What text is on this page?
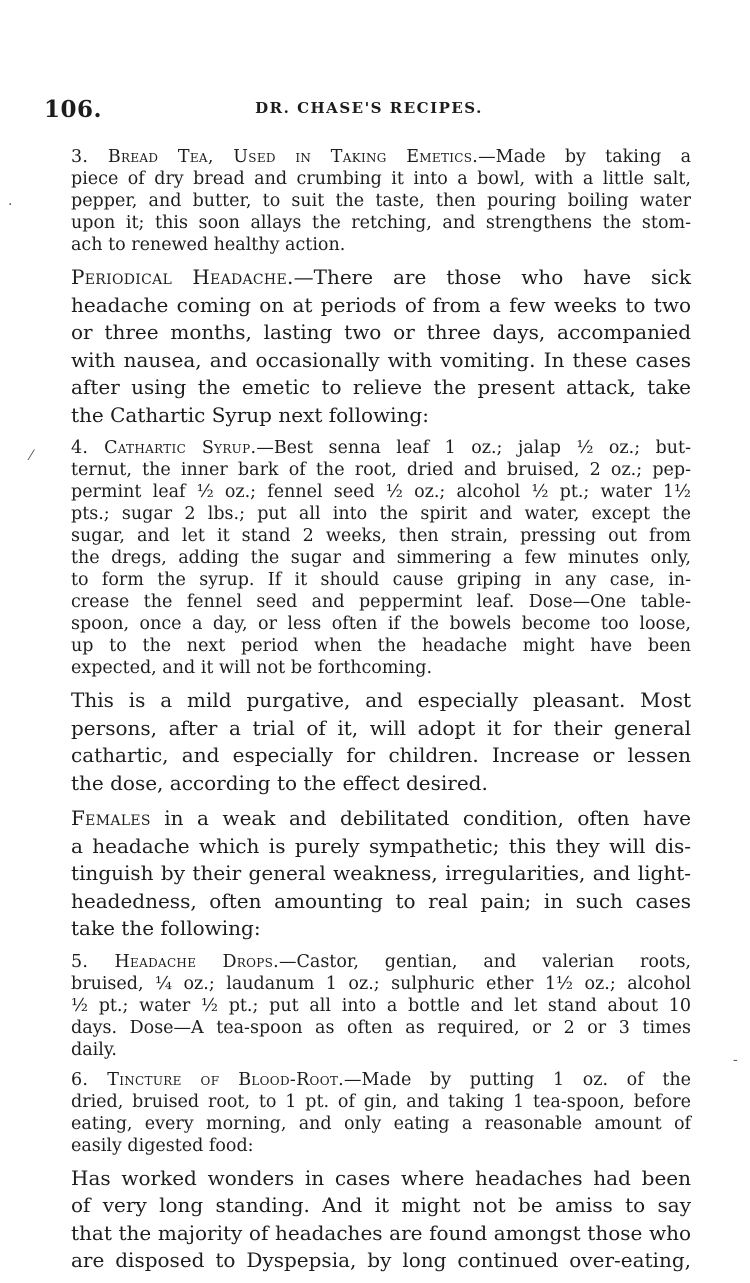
106.	DR. CHASE'S RECIPES.
·
⁄
-

3. Bread Tea, Used in Taking Emetics.—Made by taking a
piece of dry bread and crumbing it into a bowl, with a little salt,
pepper, and butter, to suit the taste, then pouring boiling water
upon it; this soon allays the retching, and strengthens the stom-
ach to renewed healthy action.

Periodical Headache.—There are those who have sick
headache coming on at periods of from a few weeks to two
or three months, lasting two or three days, accompanied
with nausea, and occasionally with vomiting. In these cases
after using the emetic to relieve the present attack, take
the Cathartic Syrup next following:

4. Cathartic Syrup.—Best senna leaf 1 oz.; jalap ½ oz.; but-
ternut, the inner bark of the root, dried and bruised, 2 oz.; pep-
permint leaf ½ oz.; fennel seed ½ oz.; alcohol ½ pt.; water 1½
pts.; sugar 2 lbs.; put all into the spirit and water, except the
sugar, and let it stand 2 weeks, then strain, pressing out from
the dregs, adding the sugar and simmering a few minutes only,
to form the syrup. If it should cause griping in any case, in-
crease the fennel seed and peppermint leaf. Dose—One table-
spoon, once a day, or less often if the bowels become too loose,
up to the next period when the headache might have been
expected, and it will not be forthcoming.

This is a mild purgative, and especially pleasant. Most
persons, after a trial of it, will adopt it for their general
cathartic, and especially for children. Increase or lessen
the dose, according to the effect desired.

Females in a weak and debilitated condition, often have
a headache which is purely sympathetic; this they will dis-
tinguish by their general weakness, irregularities, and light-
headedness, often amounting to real pain; in such cases
take the following:

5. Headache Drops.—Castor, gentian, and valerian roots,
bruised, ¼ oz.; laudanum 1 oz.; sulphuric ether 1½ oz.; alcohol
½ pt.; water ½ pt.; put all into a bottle and let stand about 10
days. Dose—A tea-spoon as often as required, or 2 or 3 times
daily.

6. Tincture of Blood-Root.—Made by putting 1 oz. of the
dried, bruised root, to 1 pt. of gin, and taking 1 tea-spoon, before
eating, every morning, and only eating a reasonable amount of
easily digested food:

Has worked wonders in cases where headaches had been
of very long standing. And it might not be amiss to say
that the majority of headaches are found amongst those who
are disposed to Dyspepsia, by long continued over-eating,
